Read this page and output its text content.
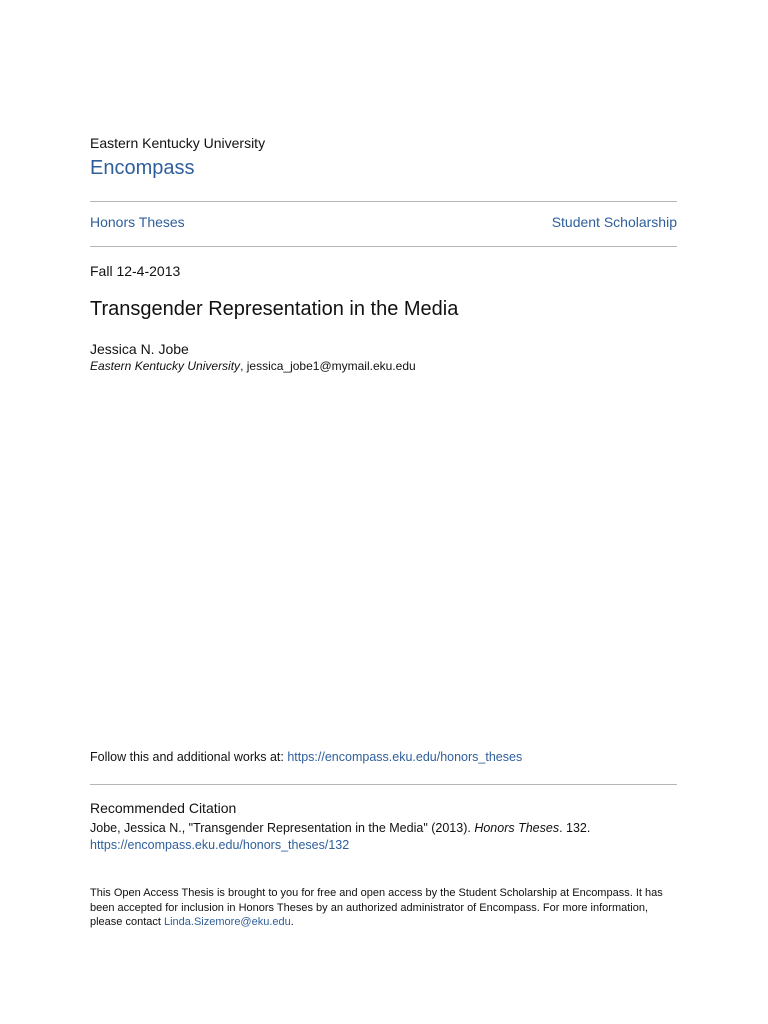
Eastern Kentucky University
Encompass
Honors Theses	Student Scholarship
Fall 12-4-2013
Transgender Representation in the Media
Jessica N. Jobe
Eastern Kentucky University, jessica_jobe1@mymail.eku.edu
Follow this and additional works at: https://encompass.eku.edu/honors_theses
Recommended Citation
Jobe, Jessica N., "Transgender Representation in the Media" (2013). Honors Theses. 132.
https://encompass.eku.edu/honors_theses/132
This Open Access Thesis is brought to you for free and open access by the Student Scholarship at Encompass. It has been accepted for inclusion in Honors Theses by an authorized administrator of Encompass. For more information, please contact Linda.Sizemore@eku.edu.
